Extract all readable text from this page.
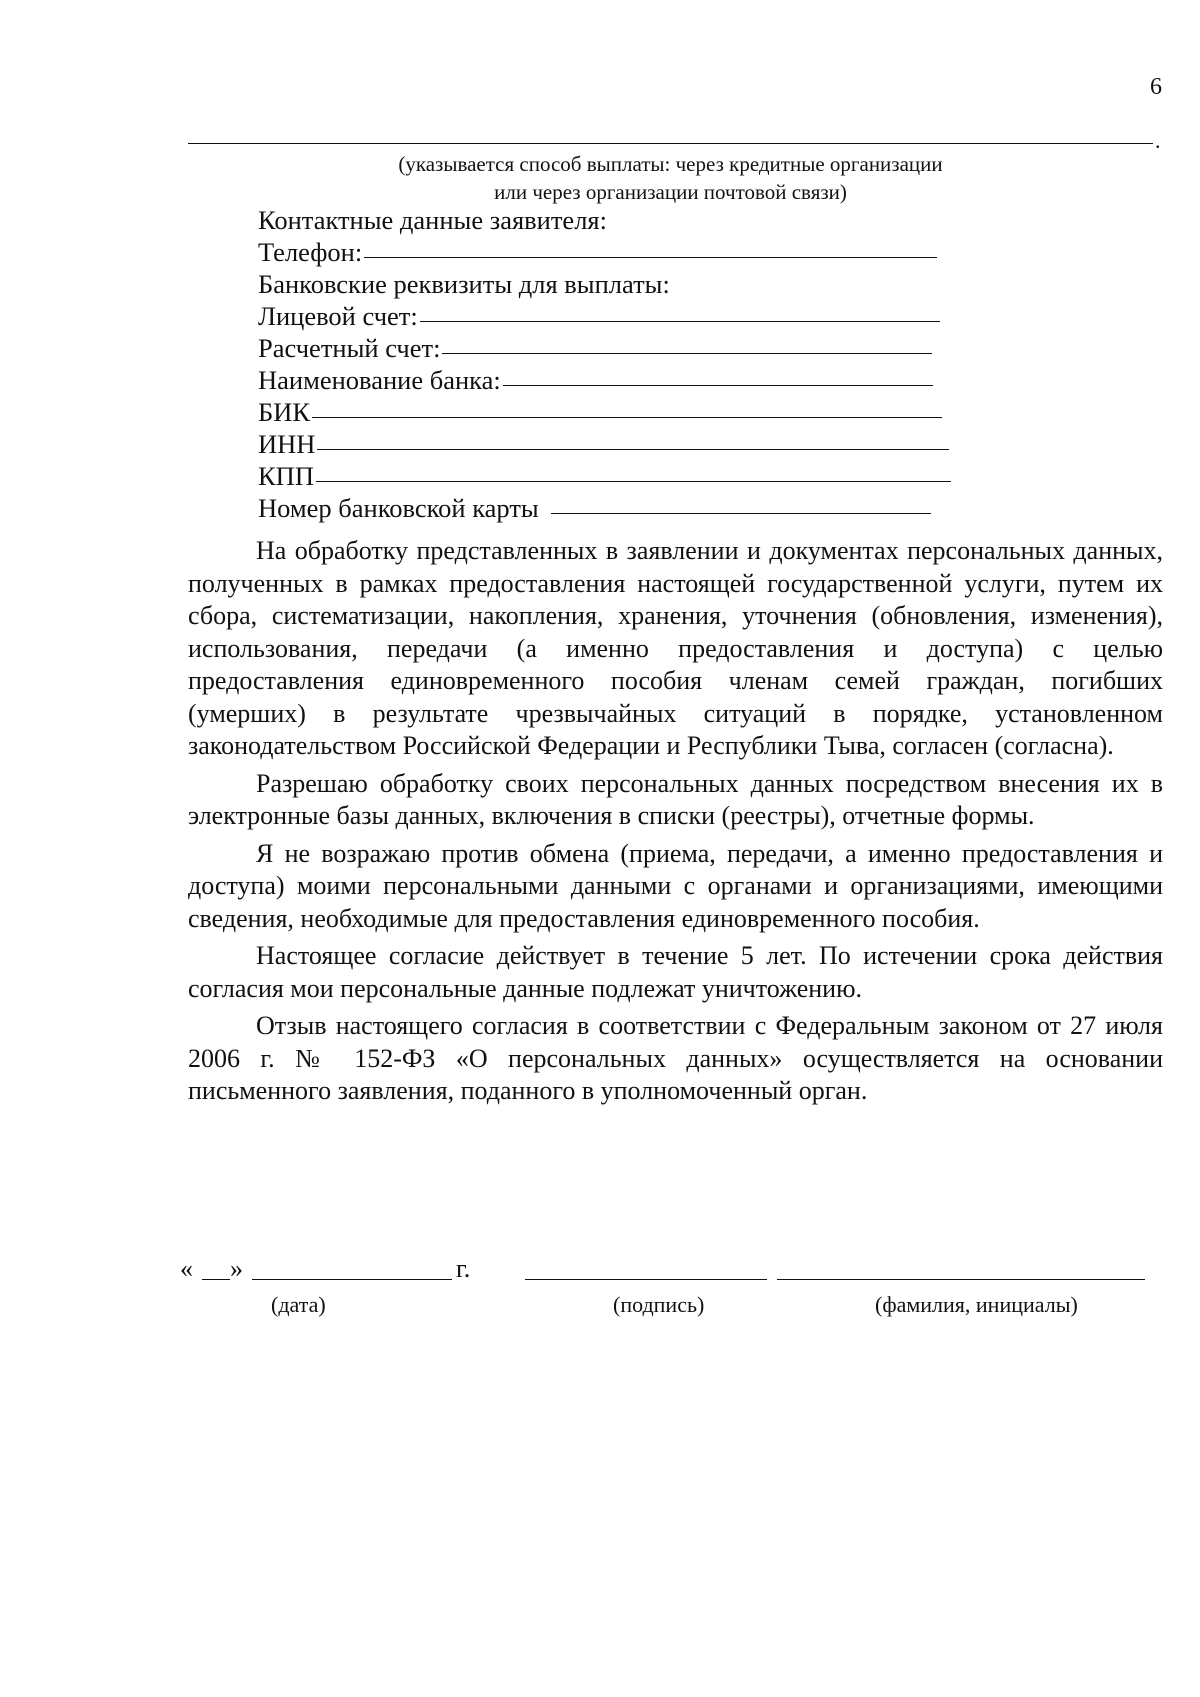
6
.
(указывается способ выплаты: через кредитные организации
или через организации почтовой связи)
Контактные данные заявителя:
Телефон:
Банковские реквизиты для выплаты:
Лицевой счет:
Расчетный счет:
Наименование банка:
БИК
ИНН
КПП
Номер банковской карты

На обработку представленных в заявлении и документах персональных данных, полученных в рамках предоставления настоящей государственной услуги, путем их сбора, систематизации, накопления, хранения, уточнения (обновления, изменения), использования, передачи (а именно предоставления и доступа) с целью предоставления единовременного пособия членам семей граждан, погибших (умерших) в результате чрезвычайных ситуаций в порядке, установленном законодательством Российской Федерации и Республики Тыва, согласен (согласна).

Разрешаю обработку своих персональных данных посредством внесения их в электронные базы данных, включения в списки (реестры), отчетные формы.

Я не возражаю против обмена (приема, передачи, а именно предоставления и доступа) моими персональными данными с органами и организациями, имеющими сведения, необходимые для предоставления единовременного пособия.

Настоящее согласие действует в течение 5 лет. По истечении срока действия согласия мои персональные данные подлежат уничтожению.

Отзыв настоящего согласия в соответствии с Федеральным законом от 27 июля 2006 г. № 152-ФЗ «О персональных данных» осуществляется на основании письменного заявления, поданного в уполномоченный орган.

« »	г.
(дата)	(подпись)	(фамилия, инициалы)
